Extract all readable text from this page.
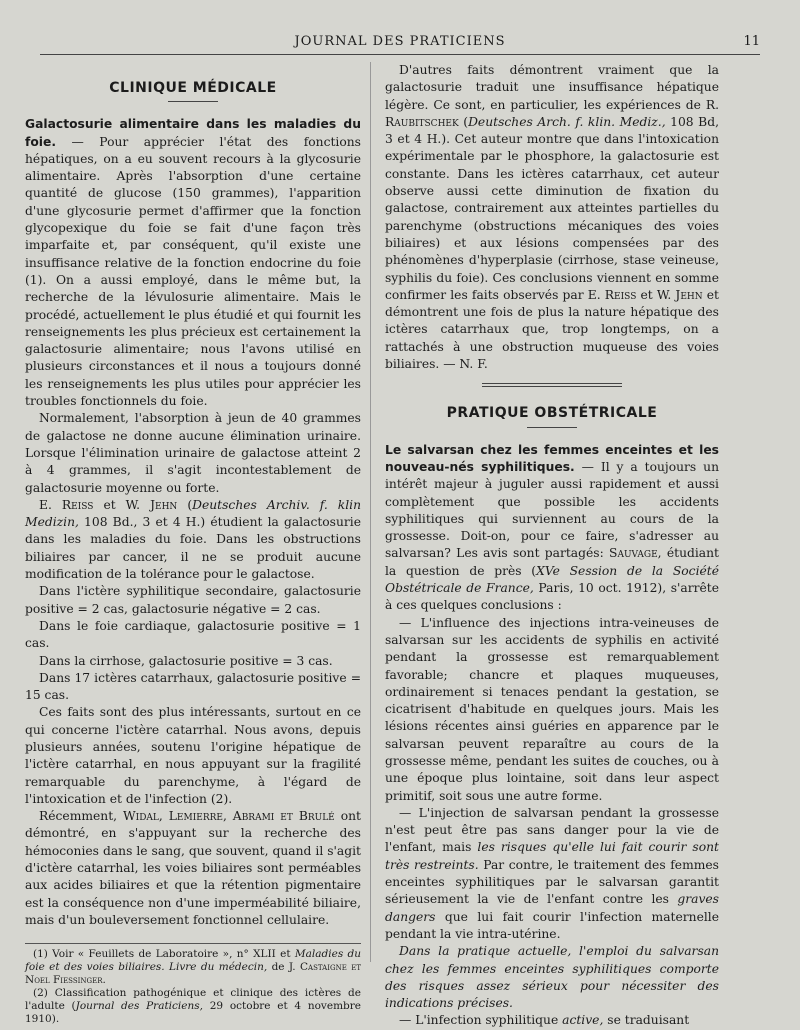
JOURNAL DES PRATICIENS	11
CLINIQUE MÉDICALE

Galactosurie alimentaire dans les maladies du foie. — Pour apprécier l'état des fonctions hépatiques, on a eu souvent recours à la glycosurie alimentaire. Après l'absorption d'une certaine quantité de glucose (150 grammes), l'apparition d'une glycosurie permet d'affirmer que la fonction glycopexique du foie se fait d'une façon très imparfaite et, par conséquent, qu'il existe une insuffisance relative de la fonction endocrine du foie (1). On a aussi employé, dans le même but, la recherche de la lévulosurie alimentaire. Mais le procédé, actuellement le plus étudié et qui fournit les renseignements les plus précieux est certainement la galactosurie alimentaire; nous l'avons utilisé en plusieurs circonstances et il nous a toujours donné les renseignements les plus utiles pour apprécier les troubles fonctionnels du foie.

Normalement, l'absorption à jeun de 40 grammes de galactose ne donne aucune élimination urinaire. Lorsque l'élimination urinaire de galactose atteint 2 à 4 grammes, il s'agit incontestablement de galactosurie moyenne ou forte.

E. Reiss et W. Jehn (Deutsches Archiv. f. klin Medizin, 108 Bd., 3 et 4 H.) étudient la galactosurie dans les maladies du foie. Dans les obstructions biliaires par cancer, il ne se produit aucune modification de la tolérance pour le galactose.

Dans l'ictère syphilitique secondaire, galactosurie positive = 2 cas, galactosurie négative = 2 cas.

Dans le foie cardiaque, galactosurie positive = 1 cas.

Dans la cirrhose, galactosurie positive = 3 cas.

Dans 17 ictères catarrhaux, galactosurie positive = 15 cas.

Ces faits sont des plus intéressants, surtout en ce qui concerne l'ictère catarrhal. Nous avons, depuis plusieurs années, soutenu l'origine hépatique de l'ictère catarrhal, en nous appuyant sur la fragilité remarquable du parenchyme, à l'égard de l'intoxication et de l'infection (2).

Récemment, Widal, Lemierre, Abrami et Brulé ont démontré, en s'appuyant sur la recherche des hémoconies dans le sang, que souvent, quand il s'agit d'ictère catarrhal, les voies biliaires sont perméables aux acides biliaires et que la rétention pigmentaire est la conséquence non d'une imperméabilité biliaire, mais d'un bouleversement fonctionnel cellulaire.

(1) Voir « Feuillets de Laboratoire », n° XLII et Maladies du foie et des voies biliaires. Livre du médecin, de J. Castaigne et Noel Fiessinger.

(2) Classification pathogénique et clinique des ictères de l'adulte (Journal des Praticiens, 29 octobre et 4 novembre 1910).

D'autres faits démontrent vraiment que la galactosurie traduit une insuffisance hépatique légère. Ce sont, en particulier, les expériences de R. Raubitschek (Deutsches Arch. f. klin. Mediz., 108 Bd, 3 et 4 H.). Cet auteur montre que dans l'intoxication expérimentale par le phosphore, la galactosurie est constante. Dans les ictères catarrhaux, cet auteur observe aussi cette diminution de fixation du galactose, contrairement aux atteintes partielles du parenchyme (obstructions mécaniques des voies biliaires) et aux lésions compensées par des phénomènes d'hyperplasie (cirrhose, stase veineuse, syphilis du foie). Ces conclusions viennent en somme confirmer les faits observés par E. Reiss et W. Jehn et démontrent une fois de plus la nature hépatique des ictères catarrhaux que, trop longtemps, on a rattachés à une obstruction muqueuse des voies biliaires. — N. F.

PRATIQUE OBSTÉTRICALE

Le salvarsan chez les femmes enceintes et les nouveau-nés syphilitiques. — Il y a toujours un intérêt majeur à juguler aussi rapidement et aussi complètement que possible les accidents syphilitiques qui surviennent au cours de la grossesse. Doit-on, pour ce faire, s'adresser au salvarsan? Les avis sont partagés: Sauvage, étudiant la question de près (XVe Session de la Société Obstétricale de France, Paris, 10 oct. 1912), s'arrête à ces quelques conclusions :

— L'influence des injections intra-veineuses de salvarsan sur les accidents de syphilis en activité pendant la grossesse est remarquablement favorable; chancre et plaques muqueuses, ordinairement si tenaces pendant la gestation, se cicatrisent d'habitude en quelques jours. Mais les lésions récentes ainsi guéries en apparence par le salvarsan peuvent reparaître au cours de la grossesse même, pendant les suites de couches, ou à une époque plus lointaine, soit dans leur aspect primitif, soit sous une autre forme.

— L'injection de salvarsan pendant la grossesse n'est peut être pas sans danger pour la vie de l'enfant, mais les risques qu'elle lui fait courir sont très restreints. Par contre, le traitement des femmes enceintes syphilitiques par le salvarsan garantit sérieusement la vie de l'enfant contre les graves dangers que lui fait courir l'infection maternelle pendant la vie intra-utérine.

Dans la pratique actuelle, l'emploi du salvarsan chez les femmes enceintes syphilitiques comporte des risques assez sérieux pour nécessiter des indications précises.

— L'infection syphilitique active, se traduisant
